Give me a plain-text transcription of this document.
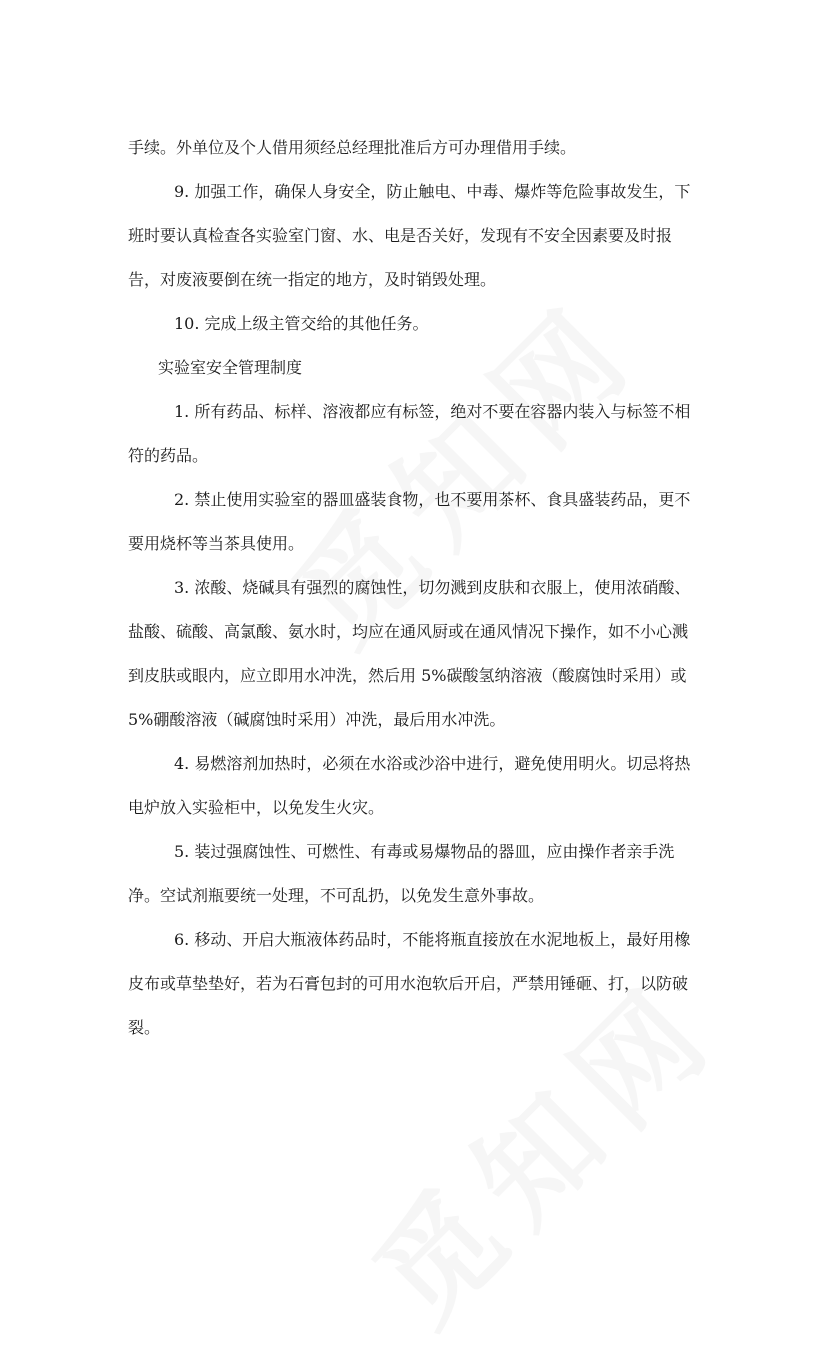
手续。外单位及个人借用须经总经理批准后方可办理借用手续。
9. 加强工作，确保人身安全，防止触电、中毒、爆炸等危险事故发生，下
班时要认真检查各实验室门窗、水、电是否关好，发现有不安全因素要及时报
告，对废液要倒在统一指定的地方，及时销毁处理。
10. 完成上级主管交给的其他任务。
实验室安全管理制度
1. 所有药品、标样、溶液都应有标签，绝对不要在容器内装入与标签不相
符的药品。
2. 禁止使用实验室的器皿盛装食物，也不要用茶杯、食具盛装药品，更不
要用烧杯等当茶具使用。
3. 浓酸、烧碱具有强烈的腐蚀性，切勿溅到皮肤和衣服上，使用浓硝酸、
盐酸、硫酸、高氯酸、氨水时，均应在通风厨或在通风情况下操作，如不小心溅
到皮肤或眼内，应立即用水冲洗，然后用 5%碳酸氢纳溶液（酸腐蚀时采用）或
5%硼酸溶液（碱腐蚀时采用）冲洗，最后用水冲洗。
4. 易燃溶剂加热时，必须在水浴或沙浴中进行，避免使用明火。切忌将热
电炉放入实验柜中，以免发生火灾。
5. 装过强腐蚀性、可燃性、有毒或易爆物品的器皿，应由操作者亲手洗
净。空试剂瓶要统一处理，不可乱扔，以免发生意外事故。
6. 移动、开启大瓶液体药品时，不能将瓶直接放在水泥地板上，最好用橡
皮布或草垫垫好，若为石膏包封的可用水泡软后开启，严禁用锤砸、打，以防破
裂。
